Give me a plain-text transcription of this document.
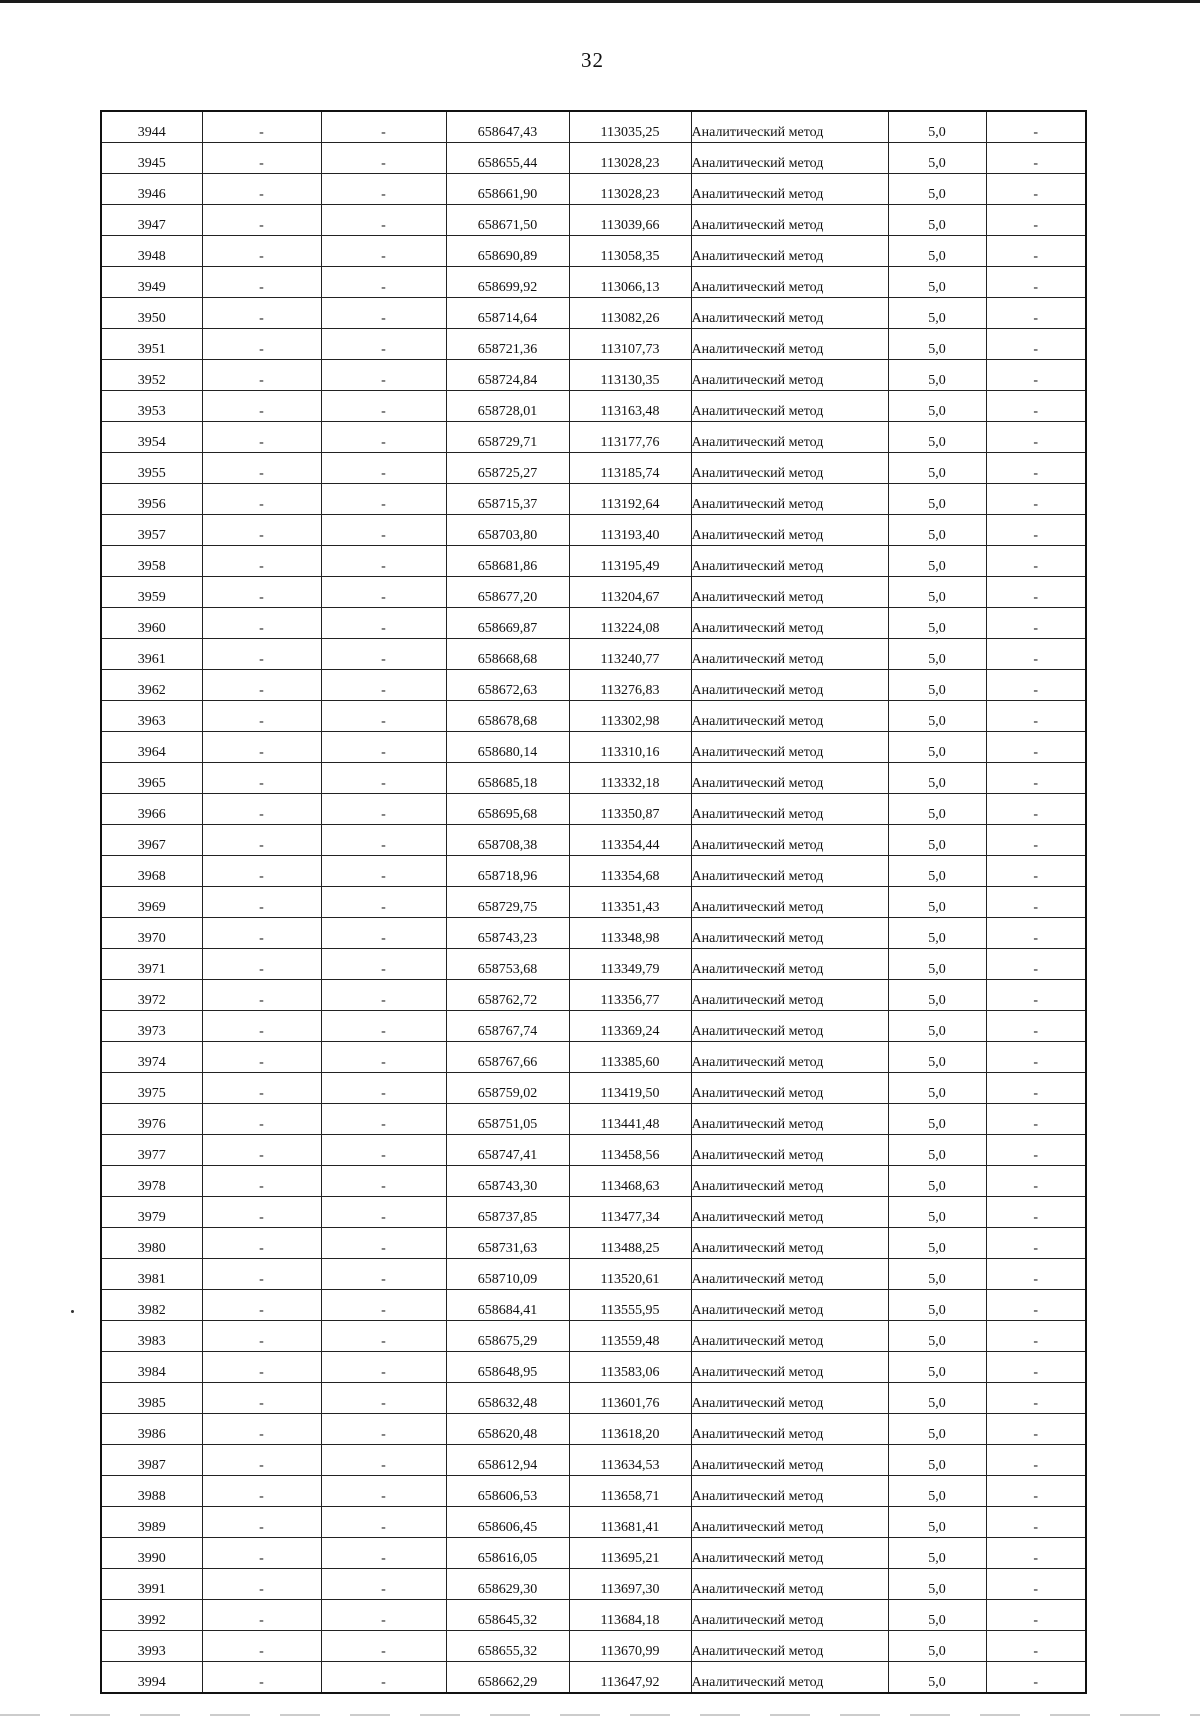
32
3944	-	-	658647,43	113035,25	Аналитический метод	5,0	-
3945	-	-	658655,44	113028,23	Аналитический метод	5,0	-
3946	-	-	658661,90	113028,23	Аналитический метод	5,0	-
3947	-	-	658671,50	113039,66	Аналитический метод	5,0	-
3948	-	-	658690,89	113058,35	Аналитический метод	5,0	-
3949	-	-	658699,92	113066,13	Аналитический метод	5,0	-
3950	-	-	658714,64	113082,26	Аналитический метод	5,0	-
3951	-	-	658721,36	113107,73	Аналитический метод	5,0	-
3952	-	-	658724,84	113130,35	Аналитический метод	5,0	-
3953	-	-	658728,01	113163,48	Аналитический метод	5,0	-
3954	-	-	658729,71	113177,76	Аналитический метод	5,0	-
3955	-	-	658725,27	113185,74	Аналитический метод	5,0	-
3956	-	-	658715,37	113192,64	Аналитический метод	5,0	-
3957	-	-	658703,80	113193,40	Аналитический метод	5,0	-
3958	-	-	658681,86	113195,49	Аналитический метод	5,0	-
3959	-	-	658677,20	113204,67	Аналитический метод	5,0	-
3960	-	-	658669,87	113224,08	Аналитический метод	5,0	-
3961	-	-	658668,68	113240,77	Аналитический метод	5,0	-
3962	-	-	658672,63	113276,83	Аналитический метод	5,0	-
3963	-	-	658678,68	113302,98	Аналитический метод	5,0	-
3964	-	-	658680,14	113310,16	Аналитический метод	5,0	-
3965	-	-	658685,18	113332,18	Аналитический метод	5,0	-
3966	-	-	658695,68	113350,87	Аналитический метод	5,0	-
3967	-	-	658708,38	113354,44	Аналитический метод	5,0	-
3968	-	-	658718,96	113354,68	Аналитический метод	5,0	-
3969	-	-	658729,75	113351,43	Аналитический метод	5,0	-
3970	-	-	658743,23	113348,98	Аналитический метод	5,0	-
3971	-	-	658753,68	113349,79	Аналитический метод	5,0	-
3972	-	-	658762,72	113356,77	Аналитический метод	5,0	-
3973	-	-	658767,74	113369,24	Аналитический метод	5,0	-
3974	-	-	658767,66	113385,60	Аналитический метод	5,0	-
3975	-	-	658759,02	113419,50	Аналитический метод	5,0	-
3976	-	-	658751,05	113441,48	Аналитический метод	5,0	-
3977	-	-	658747,41	113458,56	Аналитический метод	5,0	-
3978	-	-	658743,30	113468,63	Аналитический метод	5,0	-
3979	-	-	658737,85	113477,34	Аналитический метод	5,0	-
3980	-	-	658731,63	113488,25	Аналитический метод	5,0	-
3981	-	-	658710,09	113520,61	Аналитический метод	5,0	-
3982	-	-	658684,41	113555,95	Аналитический метод	5,0	-
3983	-	-	658675,29	113559,48	Аналитический метод	5,0	-
3984	-	-	658648,95	113583,06	Аналитический метод	5,0	-
3985	-	-	658632,48	113601,76	Аналитический метод	5,0	-
3986	-	-	658620,48	113618,20	Аналитический метод	5,0	-
3987	-	-	658612,94	113634,53	Аналитический метод	5,0	-
3988	-	-	658606,53	113658,71	Аналитический метод	5,0	-
3989	-	-	658606,45	113681,41	Аналитический метод	5,0	-
3990	-	-	658616,05	113695,21	Аналитический метод	5,0	-
3991	-	-	658629,30	113697,30	Аналитический метод	5,0	-
3992	-	-	658645,32	113684,18	Аналитический метод	5,0	-
3993	-	-	658655,32	113670,99	Аналитический метод	5,0	-
3994	-	-	658662,29	113647,92	Аналитический метод	5,0	-
